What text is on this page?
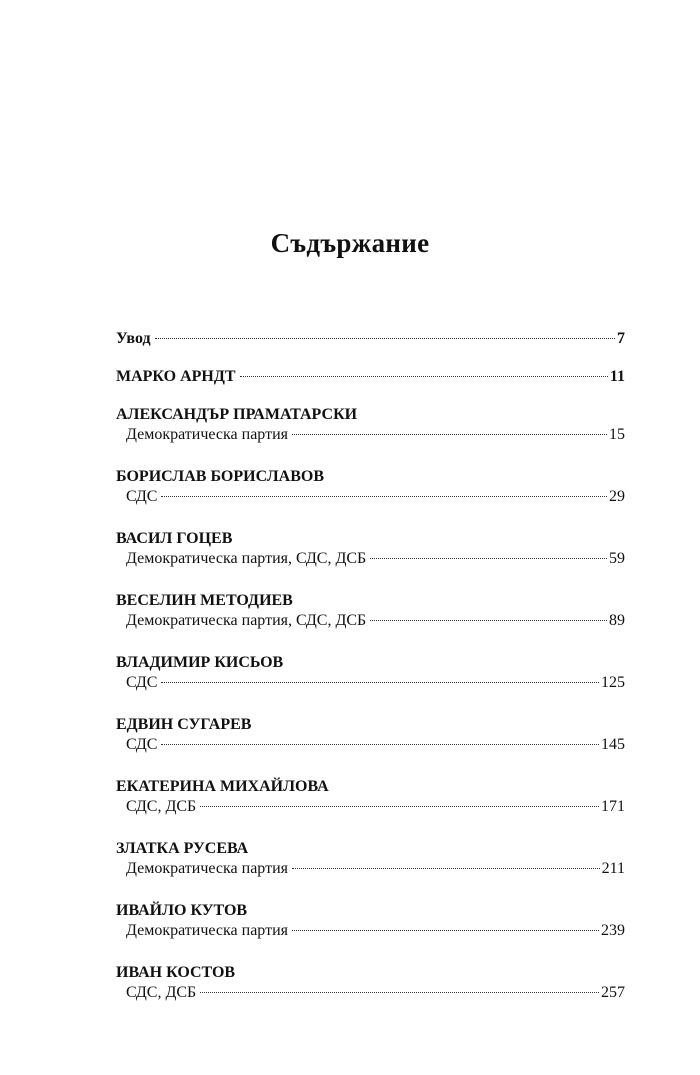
Съдържание
Увод	7
МАРКО АРНДТ	11
АЛЕКСАНДЪР ПРАМАТАРСКИ
Демократическа партия	15
БОРИСЛАВ БОРИСЛАВОВ
СДС	29
ВАСИЛ ГОЦЕВ
Демократическа партия, СДС, ДСБ	59
ВЕСЕЛИН МЕТОДИЕВ
Демократическа партия, СДС, ДСБ	89
ВЛАДИМИР КИСЬОВ
СДС	125
ЕДВИН СУГАРЕВ
СДС	145
ЕКАТЕРИНА МИХАЙЛОВА
СДС, ДСБ	171
ЗЛАТКА РУСЕВА
Демократическа партия	211
ИВАЙЛО КУТОВ
Демократическа партия	239
ИВАН КОСТОВ
СДС, ДСБ	257
